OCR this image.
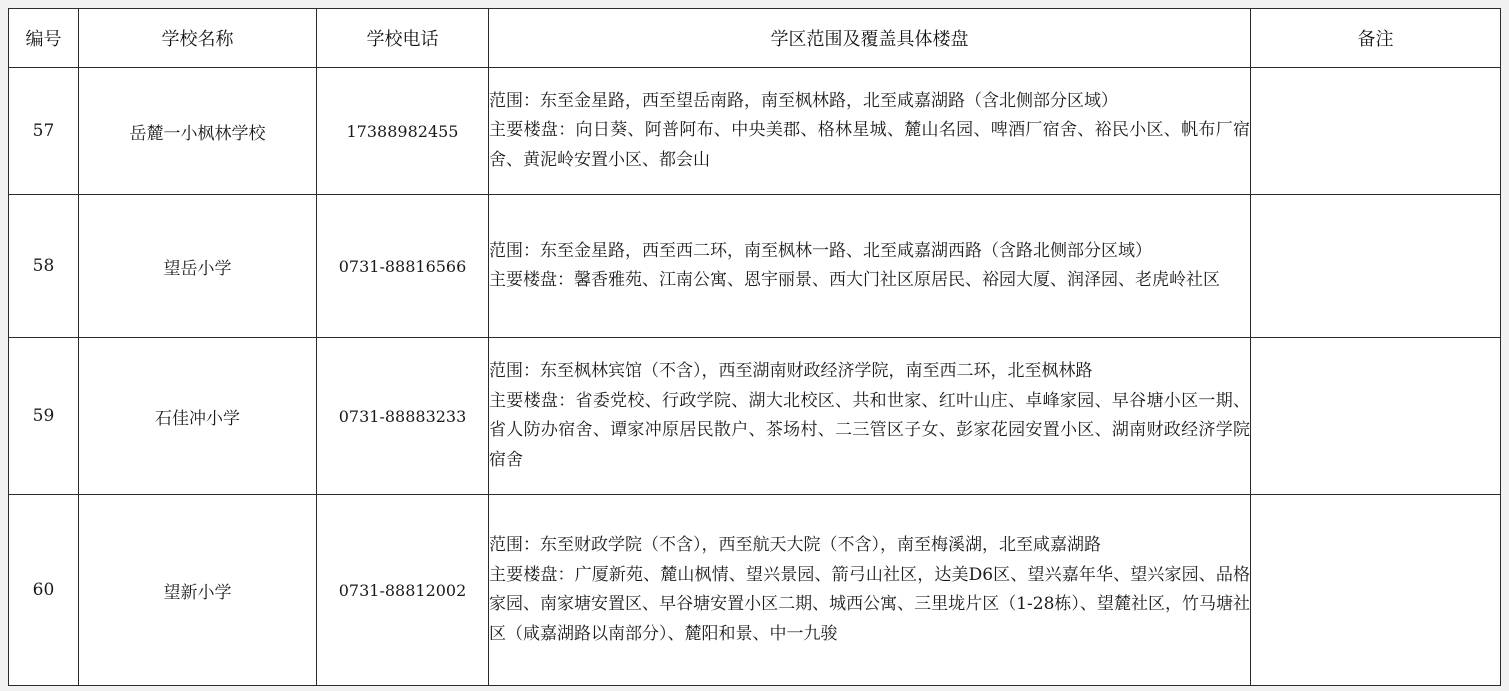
编号	学校名称	学校电话	学区范围及覆盖具体楼盘	备注
57	岳麓一小枫林学校	17388982455	范围：东至金星路，西至望岳南路，南至枫林路，北至咸嘉湖路（含北侧部分区域）
主要楼盘：向日葵、阿普阿布、中央美郡、格林星城、麓山名园、啤酒厂宿舍、裕民小区、帆布厂宿舍、黄泥岭安置小区、都会山	

58	望岳小学	0731-88816566	范围：东至金星路，西至西二环，南至枫林一路、北至咸嘉湖西路（含路北侧部分区域）
主要楼盘：馨香雅苑、江南公寓、恩宇丽景、西大门社区原居民、裕园大厦、润泽园、老虎岭社区	

59	石佳冲小学	0731-88883233	范围：东至枫林宾馆（不含），西至湖南财政经济学院，南至西二环，北至枫林路
主要楼盘：省委党校、行政学院、湖大北校区、共和世家、红叶山庄、卓峰家园、早谷塘小区一期、省人防办宿舍、谭家冲原居民散户、茶场村、二三管区子女、彭家花园安置小区、湖南财政经济学院宿舍	

60	望新小学	0731-88812002	范围：东至财政学院（不含），西至航天大院（不含），南至梅溪湖，北至咸嘉湖路
主要楼盘：广厦新苑、麓山枫情、望兴景园、箭弓山社区，达美D6区、望兴嘉年华、望兴家园、品格家园、南家塘安置区、早谷塘安置小区二期、城西公寓、三里垅片区（1-28栋）、望麓社区，竹马塘社区（咸嘉湖路以南部分）、麓阳和景、中一九骏	
